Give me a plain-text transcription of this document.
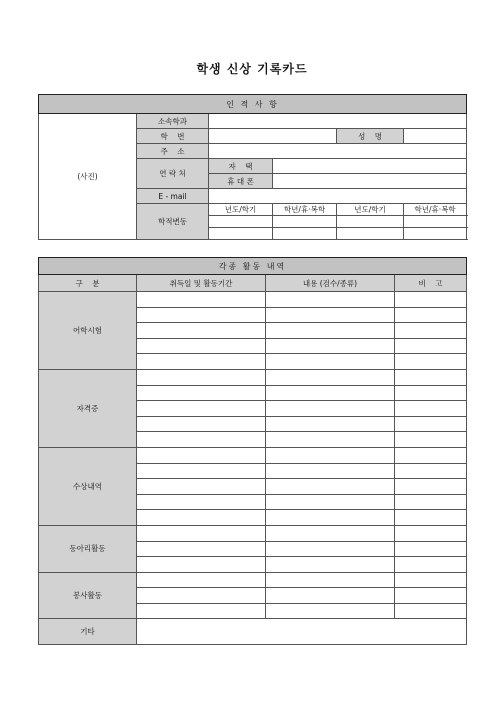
학생 신상 기록카드
인 적 사 항					
(사진)	소속학과				
	학    번			성    명	
	주    소				
	연 락 처	자    택			
		휴 대 폰			
	E - mail				
	학적변동	년도/학기	학년/휴·복학	년도/학기	학년/휴·복학

각종 활동 내역			
구    분	취득일 및 활동기간	내용 (검수/종류)	비    고
어학시험			

자격증			

수상내역			

동아리활동			

봉사활동			

기타			
